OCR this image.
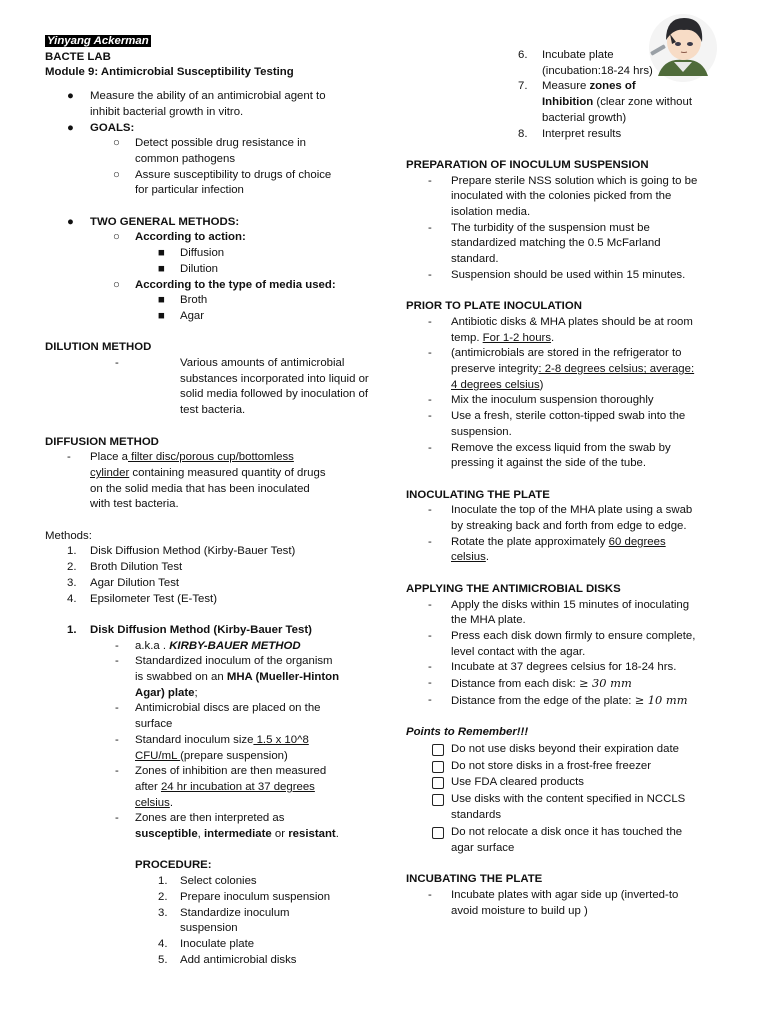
Yinyang Ackerman
BACTE LAB
Module 9: Antimicrobial Susceptibility Testing
● Measure the ability of an antimicrobial agent to
inhibit bacterial growth in vitro.
● GOALS:
○ Detect possible drug resistance in
common pathogens
○ Assure susceptibility to drugs of choice
for particular infection
● TWO GENERAL METHODS:
○ According to action:
■ Diffusion
■ Dilution
○ According to the type of media used:
■ Broth
■ Agar
DILUTION METHOD
-	Various amounts of antimicrobial
substances incorporated into liquid or
solid media followed by inoculation of
test bacteria.
DIFFUSION METHOD
- Place a filter disc/porous cup/bottomless
cylinder containing measured quantity of drugs
on the solid media that has been inoculated
with test bacteria.
Methods:
1. Disk Diffusion Method (Kirby-Bauer Test)
2. Broth Dilution Test
3. Agar Dilution Test
4. Epsilometer Test (E-Test)
1. Disk Diffusion Method (Kirby-Bauer Test)
- a.k.a . KIRBY-BAUER METHOD
- Standardized inoculum of the organism
is swabbed on an MHA (Mueller-Hinton
Agar) plate;
- Antimicrobial discs are placed on the
surface
- Standard inoculum size 1.5 x 10^8
CFU/mL (prepare suspension)
- Zones of inhibition are then measured
after 24 hr incubation at 37 degrees
celsius.
- Zones are then interpreted as
susceptible, intermediate or resistant.
PROCEDURE:
1. Select colonies
2. Prepare inoculum suspension
3. Standardize inoculum
suspension
4. Inoculate plate
5. Add antimicrobial disks
6. Incubate plate
(incubation:18-24 hrs)
7. Measure zones of
Inhibition (clear zone without
bacterial growth)
8. Interpret results
PREPARATION OF INOCULUM SUSPENSION
- Prepare sterile NSS solution which is going to be
inoculated with the colonies picked from the
isolation media.
- The turbidity of the suspension must be
standardized matching the 0.5 McFarland
standard.
- Suspension should be used within 15 minutes.
PRIOR TO PLATE INOCULATION
- Antibiotic disks & MHA plates should be at room
temp. For 1-2 hours.
- (antimicrobials are stored in the refrigerator to
preserve integrity: 2-8 degrees celsius; average:
4 degrees celsius)
- Mix the inoculum suspension thoroughly
- Use a fresh, sterile cotton-tipped swab into the
suspension.
- Remove the excess liquid from the swab by
pressing it against the side of the tube.
INOCULATING THE PLATE
- Inoculate the top of the MHA plate using a swab
by streaking back and forth from edge to edge.
- Rotate the plate approximately 60 degrees
celsius.
APPLYING THE ANTIMICROBIAL DISKS
- Apply the disks within 15 minutes of inoculating
the MHA plate.
- Press each disk down firmly to ensure complete,
level contact with the agar.
- Incubate at 37 degrees celsius for 18-24 hrs.
- Distance from each disk: ≥ 30 mm
- Distance from the edge of the plate: ≥ 10 mm
Points to Remember!!!
Do not use disks beyond their expiration date
Do not store disks in a frost-free freezer
Use FDA cleared products
Use disks with the content specified in NCCLS
standards
Do not relocate a disk once it has touched the
agar surface
INCUBATING THE PLATE
- Incubate plates with agar side up (inverted-to
avoid moisture to build up )
